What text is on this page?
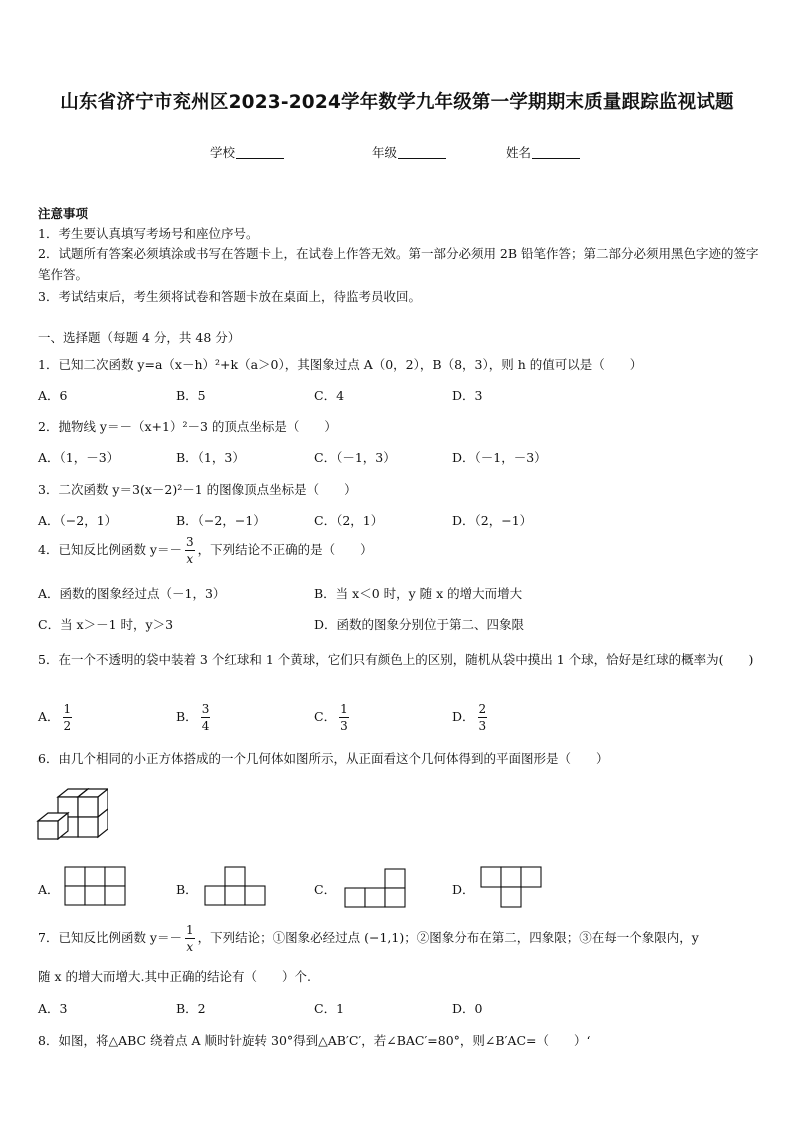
山东省济宁市兖州区2023-2024学年数学九年级第一学期期末质量跟踪监视试题
学校	年级	姓名
注意事项
1．考生要认真填写考场号和座位序号。
2．试题所有答案必须填涂或书写在答题卡上，在试卷上作答无效。第一部分必须用 2B 铅笔作答；第二部分必须用黑色字迹的签字笔作答。
3．考试结束后，考生须将试卷和答题卡放在桌面上，待监考员收回。
一、选择题（每题 4 分，共 48 分）
1．已知二次函数 y=a（x－h）²+k（a＞0），其图象过点 A（0，2），B（8，3），则 h 的值可以是（　　）
A．6	B．5	C．4	D．3
2．抛物线 y＝－（x+1）²－3 的顶点坐标是（　　）
A．（1，－3）	B．（1，3）	C．（－1，3）	D．（－1，－3）
3．二次函数 y＝3(x－2)²－1 的图像顶点坐标是（　　）
A．（−2，1）	B．（−2，−1）	C．（2，1）	D．（2，−1）
4．已知反比例函数 $y=- \frac{3}{x}$ ，下列结论不正确的是（　　）
A．函数的图象经过点（－1，3）	B．当 x＜0 时，y 随 x 的增大而增大
C．当 x＞－1 时，y＞3	D．函数的图象分别位于第二、四象限
5．在一个不透明的袋中装着 3 个红球和 1 个黄球，它们只有颜色上的区别，随机从袋中摸出 1 个球，恰好是红球的概率为(　　)
A． $\frac{1}{2}$	B． $\frac{3}{4}$	C． $\frac{1}{3}$	D． $\frac{2}{3}$
6．由几个相同的小正方体搭成的一个几何体如图所示，从正面看这个几何体得到的平面图形是（　　）
A．	B．	C．	D．
7．已知反比例函数 $y=- \frac{1}{x}$ ，下列结论；①图象必经过点 (−1,1)；②图象分布在第二，四象限；③在每一个象限内，y
随 x 的增大而增大.其中正确的结论有（　　）个.
A．3	B．2	C．1	D．0
8．如图，将△ABC 绕着点 A 顺时针旋转 30°得到△AB′C′，若∠BAC′=80°，则∠B′AC=（　　）‘
